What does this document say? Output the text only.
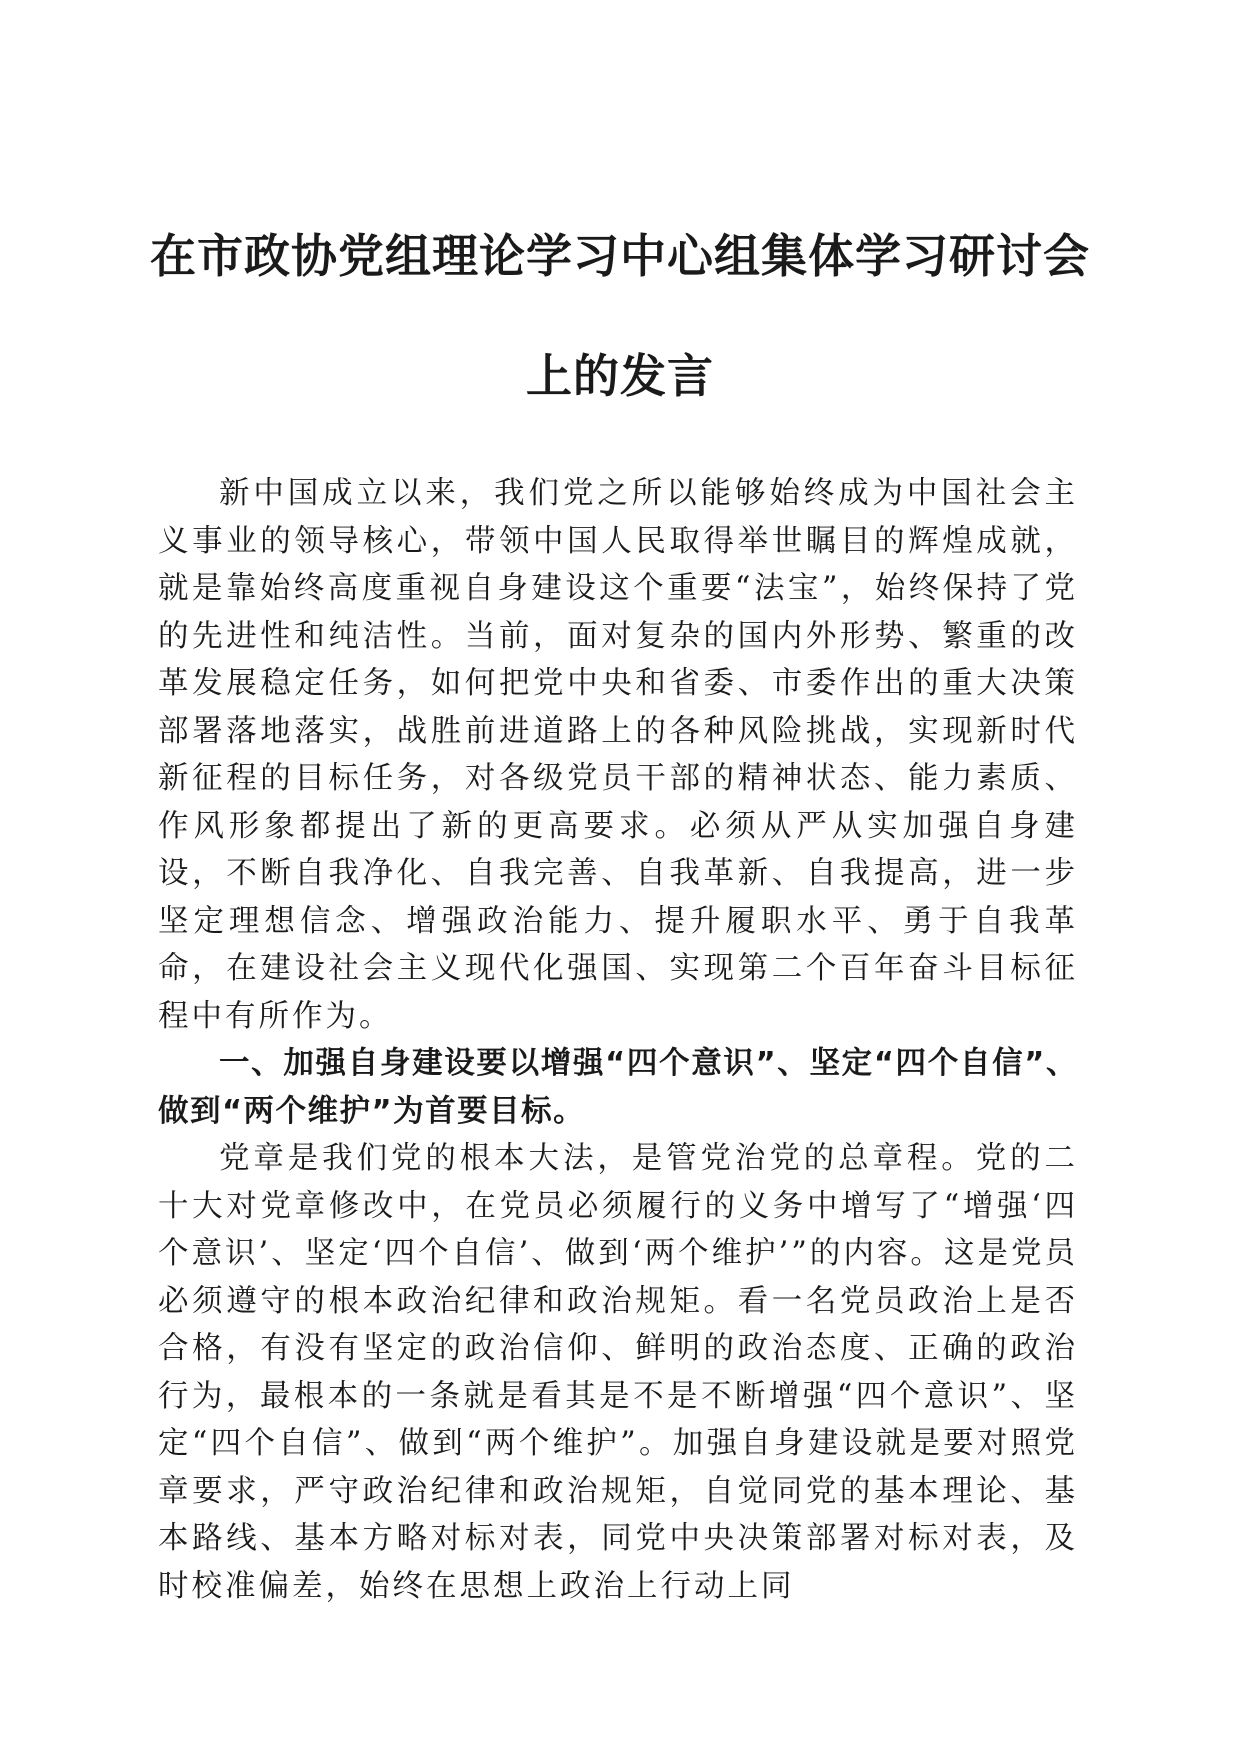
在市政协党组理论学习中心组集体学习研讨会
上的发言

新中国成立以来，我们党之所以能够始终成为中国社会主义事业的领导核心，带领中国人民取得举世瞩目的辉煌成就，就是靠始终高度重视自身建设这个重要“法宝”，始终保持了党的先进性和纯洁性。当前，面对复杂的国内外形势、繁重的改革发展稳定任务，如何把党中央和省委、市委作出的重大决策部署落地落实，战胜前进道路上的各种风险挑战，实现新时代新征程的目标任务，对各级党员干部的精神状态、能力素质、作风形象都提出了新的更高要求。必须从严从实加强自身建设，不断自我净化、自我完善、自我革新、自我提高，进一步坚定理想信念、增强政治能力、提升履职水平、勇于自我革命，在建设社会主义现代化强国、实现第二个百年奋斗目标征程中有所作为。

一、加强自身建设要以增强“四个意识”、坚定“四个自信”、做到“两个维护”为首要目标。

党章是我们党的根本大法，是管党治党的总章程。党的二十大对党章修改中，在党员必须履行的义务中增写了“增强‘四个意识’、坚定‘四个自信’、做到‘两个维护’”的内容。这是党员必须遵守的根本政治纪律和政治规矩。看一名党员政治上是否合格，有没有坚定的政治信仰、鲜明的政治态度、正确的政治行为，最根本的一条就是看其是不是不断增强“四个意识”、坚定“四个自信”、做到“两个维护”。加强自身建设就是要对照党章要求，严守政治纪律和政治规矩，自觉同党的基本理论、基本路线、基本方略对标对表，同党中央决策部署对标对表，及时校准偏差，始终在思想上政治上行动上同
